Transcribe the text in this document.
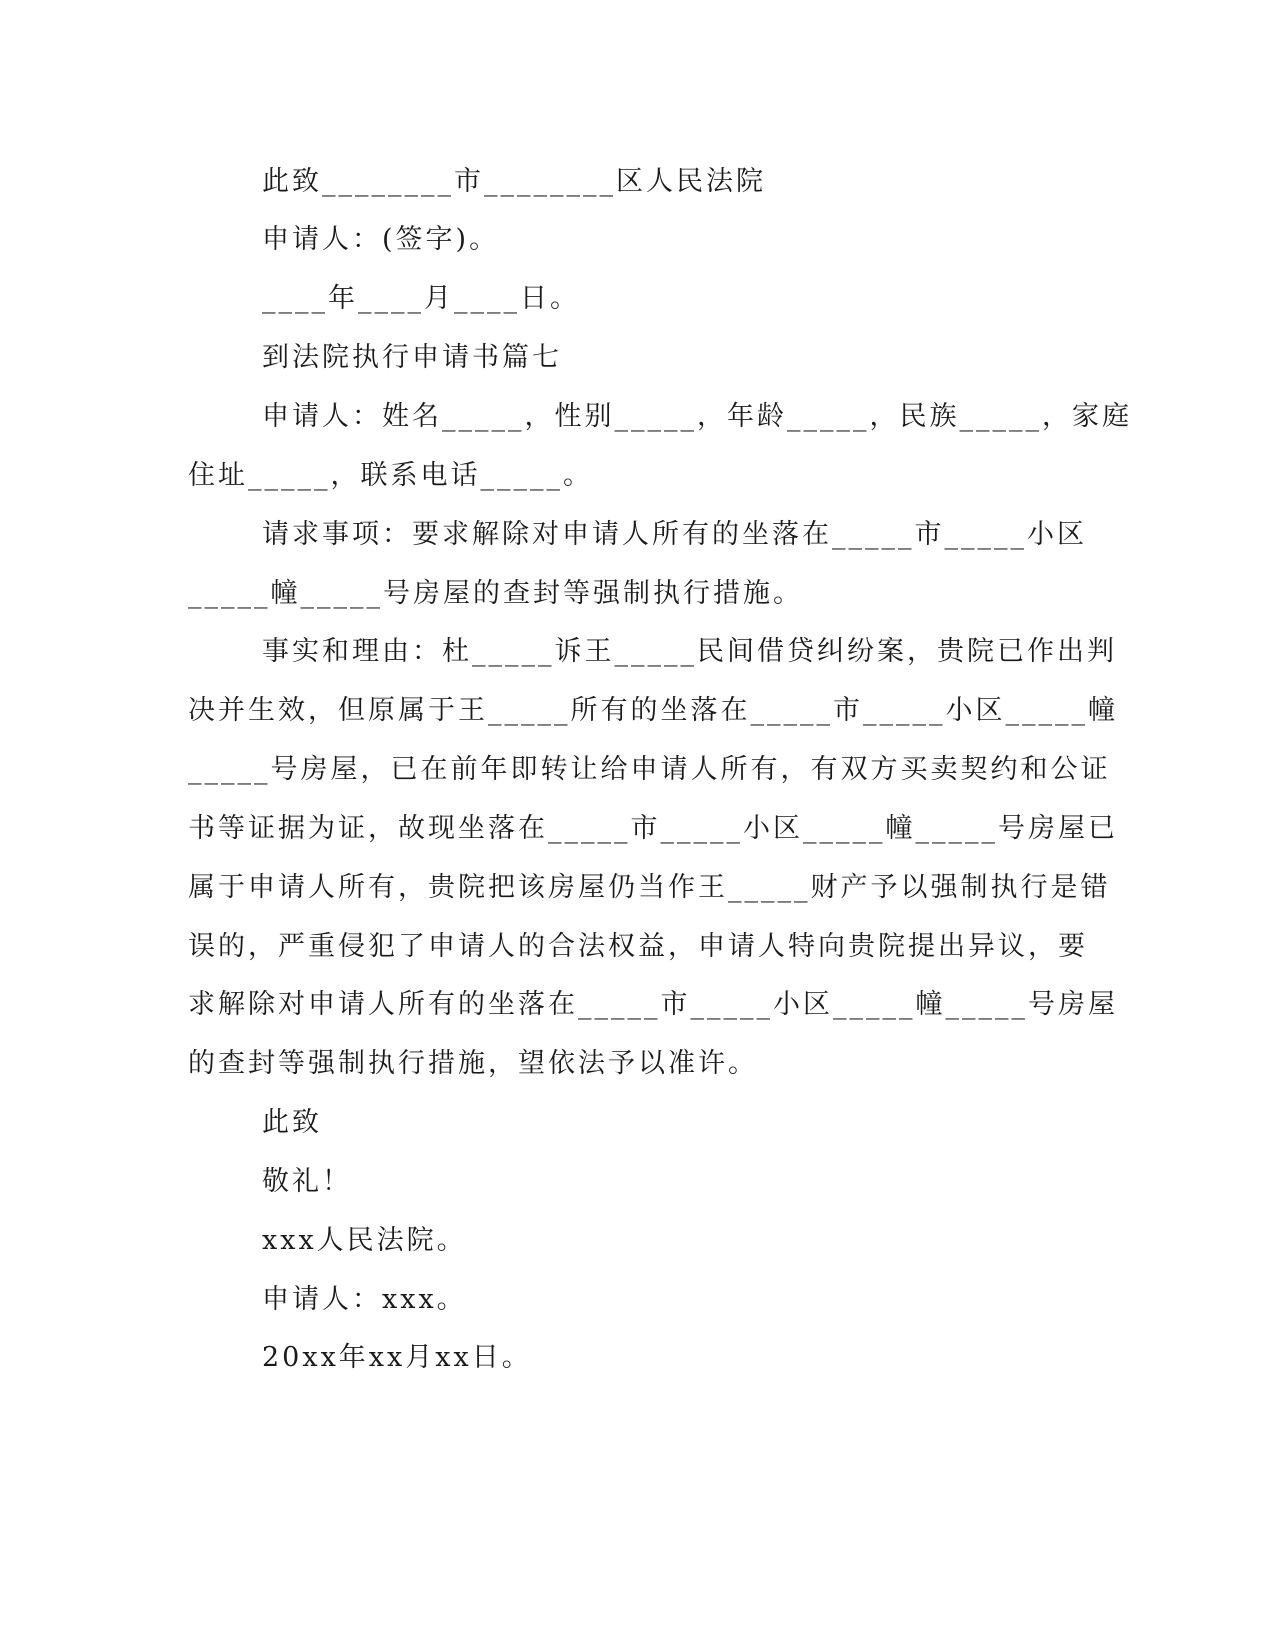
此致________市________区人民法院
申请人：(签字)。
____年____月____日。
到法院执行申请书篇七
申请人：姓名_____，性别_____，年龄_____，民族_____，家庭
住址_____，联系电话_____。
请求事项：要求解除对申请人所有的坐落在_____市_____小区
_____幢_____号房屋的查封等强制执行措施。
事实和理由：杜_____诉王_____民间借贷纠纷案，贵院已作出判
决并生效，但原属于王_____所有的坐落在_____市_____小区_____幢
_____号房屋，已在前年即转让给申请人所有，有双方买卖契约和公证
书等证据为证，故现坐落在_____市_____小区_____幢_____号房屋已
属于申请人所有，贵院把该房屋仍当作王_____财产予以强制执行是错
误的，严重侵犯了申请人的合法权益，申请人特向贵院提出异议，要
求解除对申请人所有的坐落在_____市_____小区_____幢_____号房屋
的查封等强制执行措施，望依法予以准许。
此致
敬礼！
xxx人民法院。
申请人：xxx。
20xx年xx月xx日。
